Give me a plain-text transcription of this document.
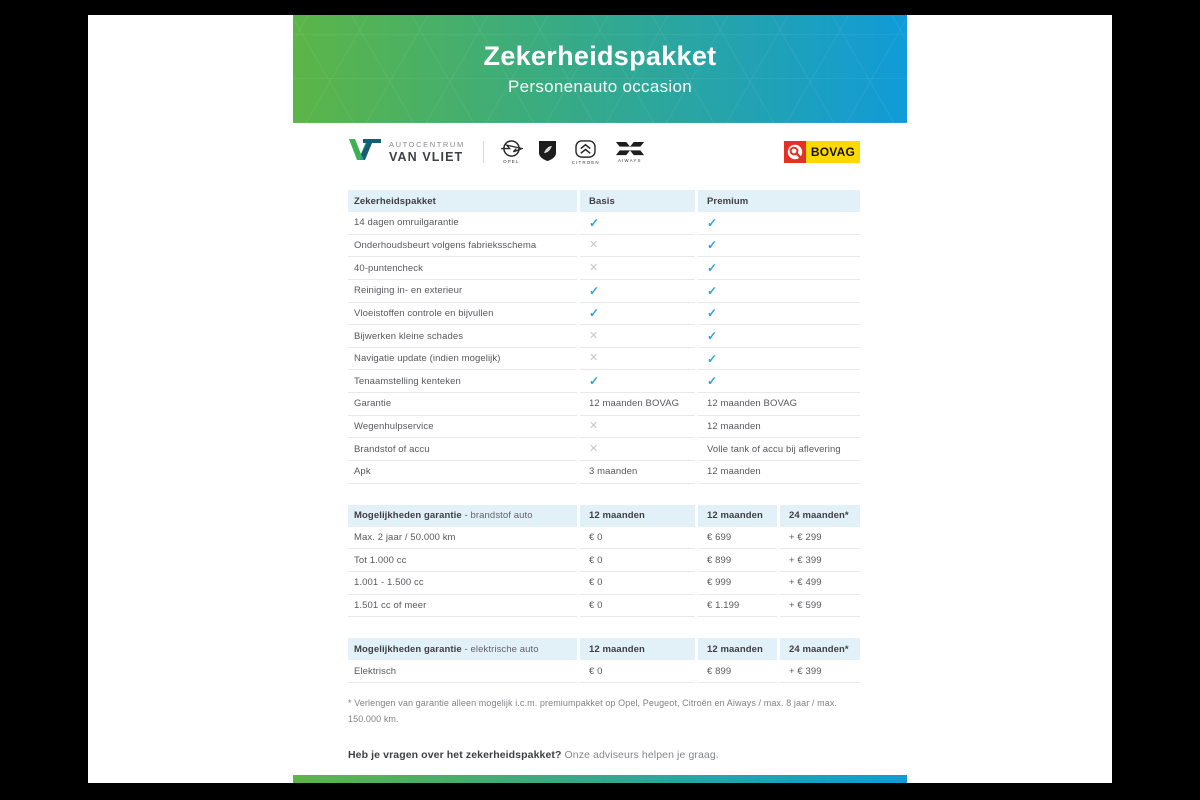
Zekerheidspakket
Personenauto occasion
AUTOCENTRUM
VAN VLIET	OPEL	CITROEN	AIWAYS
BOVAG
Zekerheidspakket	Basis	Premium
14 dagen omruilgarantie	✓	✓
Onderhoudsbeurt volgens fabrieksschema	✕	✓
40-puntencheck	✕	✓
Reiniging in- en exterieur	✓	✓
Vloeistoffen controle en bijvullen	✓	✓
Bijwerken kleine schades	✕	✓
Navigatie update (indien mogelijk)	✕	✓
Tenaamstelling kenteken	✓	✓
Garantie	12 maanden BOVAG	12 maanden BOVAG
Wegenhulpservice	✕	12 maanden
Brandstof of accu	✕	Volle tank of accu bij aflevering
Apk	3 maanden	12 maanden
Mogelijkheden garantie - brandstof auto	12 maanden	12 maanden	24 maanden*
Max. 2 jaar / 50.000 km	€ 0	€ 699	+ € 299
Tot 1.000 cc	€ 0	€ 899	+ € 399
1.001 - 1.500 cc	€ 0	€ 999	+ € 499
1.501 cc of meer	€ 0	€ 1.199	+ € 599
Mogelijkheden garantie - elektrische auto	12 maanden	12 maanden	24 maanden*
Elektrisch	€ 0	€ 899	+ € 399
* Verlengen van garantie alleen mogelijk i.c.m. premiumpakket op Opel, Peugeot, Citroën en Aiways / max. 8 jaar / max. 150.000 km.
Heb je vragen over het zekerheidspakket? Onze adviseurs helpen je graag.
